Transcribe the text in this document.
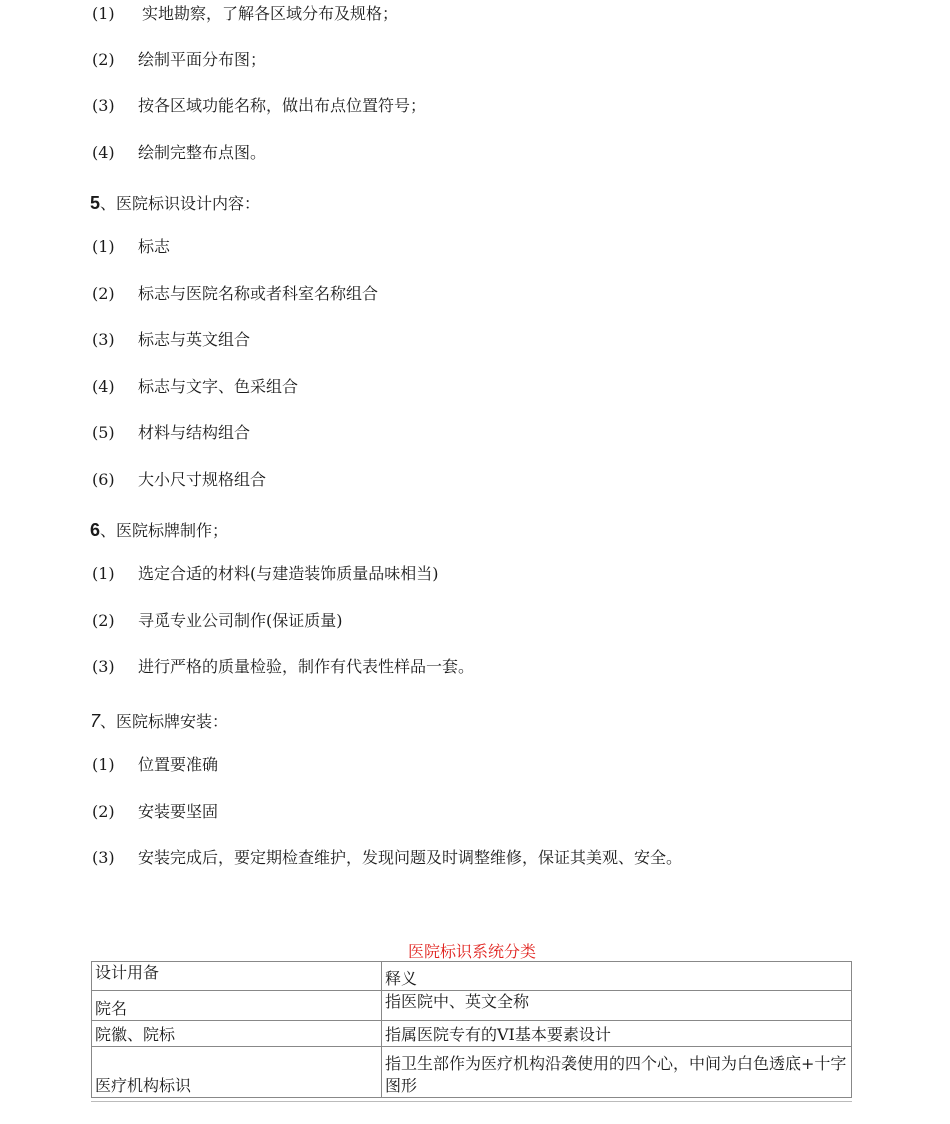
(1) 实地勘察，了解各区域分布及规格；
(2) 绘制平面分布图；
(3) 按各区域功能名称，做出布点位置符号；
(4) 绘制完整布点图。
5、医院标识设计内容：
(1) 标志
(2) 标志与医院名称或者科室名称组合
(3) 标志与英文组合
(4) 标志与文字、色采组合
(5) 材料与结构组合
(6) 大小尺寸规格组合
6、医院标牌制作；
(1) 选定合适的材料(与建造装饰质量品味相当)
(2) 寻觅专业公司制作(保证质量)
(3) 进行严格的质量检验，制作有代表性样品一套。
7、医院标牌安装：
(1) 位置要准确
(2) 安装要坚固
(3) 安装完成后，要定期检查维护，发现问题及时调整维修，保证其美观、安全。
医院标识系统分类
设计用备	释义
院名	指医院中、英文全称
院徽、院标	指属医院专有的VI基本要素设计
医疗机构标识	指卫生部作为医疗机构沿袭使用的四个心，中间为白色透底+十字图形
